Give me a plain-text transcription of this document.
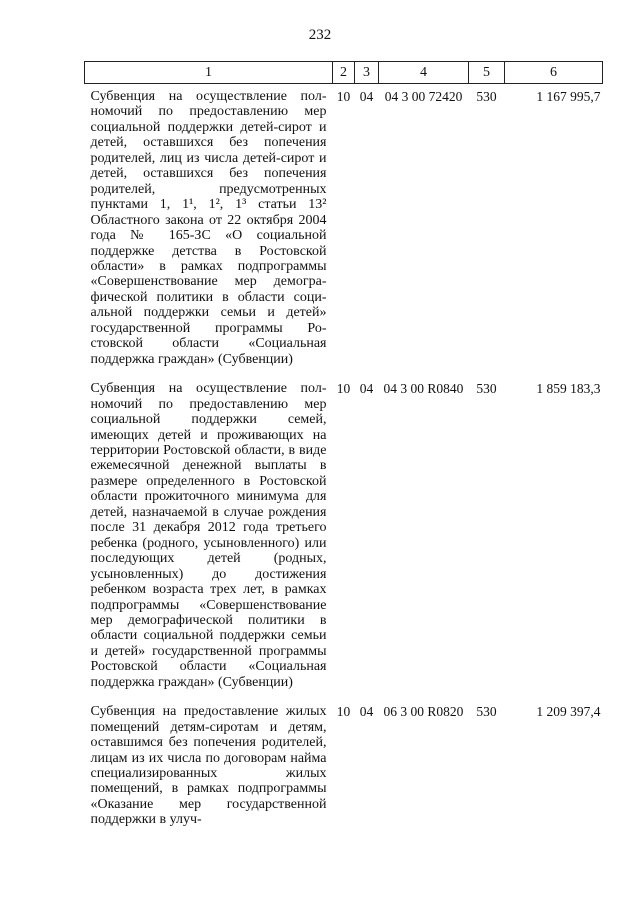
232
1	2	3	4	5	6
Субвенция на осуществление полномочий по предоставлению мер социальной поддержки детей-сирот и детей, оставшихся без попечения родителей, лиц из числа детей-сирот и детей, оставшихся без попечения родителей, предусмотренных пунктами 1, 1¹, 1², 1³ статьи 13² Областного закона от 22 октября 2004 года № 165-ЗС «О социальной поддержке детства в Ростовской области» в рамках подпрограммы «Совершенствование мер демографической политики в области социальной поддержки семьи и детей» государственной программы Ростовской области «Социальная поддержка граждан» (Субвенции)	10	04	04 3 00 72420	530	1 167 995,7
Субвенция на осуществление полномочий по предоставлению мер социальной поддержки семей, имеющих детей и проживающих на территории Ростовской области, в виде ежемесячной денежной выплаты в размере определенного в Ростовской области прожиточного минимума для детей, назначаемой в случае рождения после 31 декабря 2012 года третьего ребенка (родного, усыновленного) или последующих детей (родных, усыновленных) до достижения ребенком возраста трех лет, в рамках подпрограммы «Совершенствование мер демографической политики в области социальной поддержки семьи и детей» государственной программы Ростовской области «Социальная поддержка граждан» (Субвенции)	10	04	04 3 00 R0840	530	1 859 183,3
Субвенция на предоставление жилых помещений детям-сиротам и детям, оставшимся без попечения родителей, лицам из их числа по договорам найма специализированных жилых помещений, в рамках подпрограммы «Оказание мер государственной поддержки в улуч-	10	04	06 3 00 R0820	530	1 209 397,4
